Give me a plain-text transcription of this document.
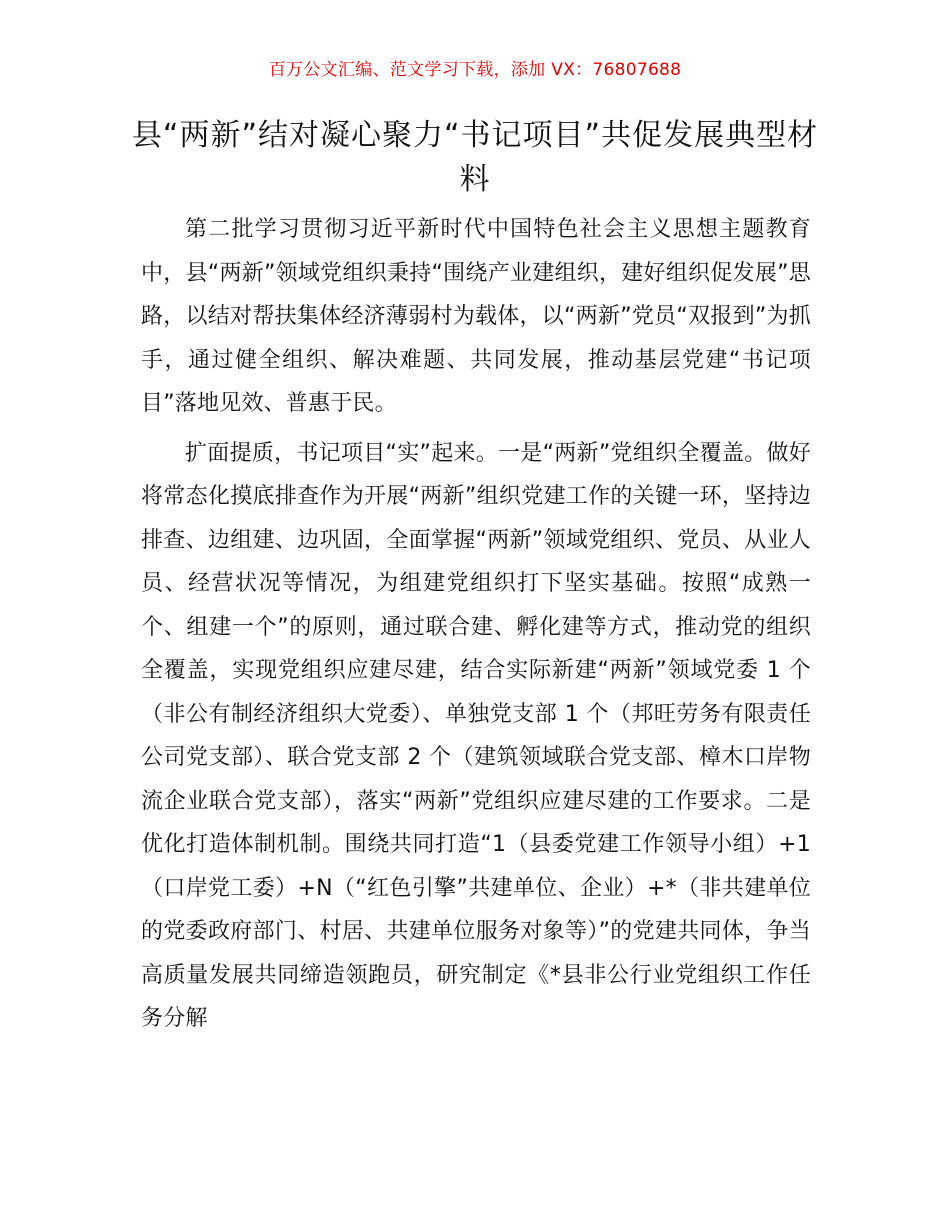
百万公文汇编、范文学习下载，添加 VX：76807688
县“两新”结对凝心聚力“书记项目”共促发展典型材料

第二批学习贯彻习近平新时代中国特色社会主义思想主题教育中，县“两新”领域党组织秉持“围绕产业建组织，建好组织促发展”思路，以结对帮扶集体经济薄弱村为载体，以“两新”党员“双报到”为抓手，通过健全组织、解决难题、共同发展，推动基层党建“书记项目”落地见效、普惠于民。

扩面提质，书记项目“实”起来。一是“两新”党组织全覆盖。做好将常态化摸底排查作为开展“两新”组织党建工作的关键一环，坚持边排查、边组建、边巩固，全面掌握“两新”领域党组织、党员、从业人员、经营状况等情况，为组建党组织打下坚实基础。按照“成熟一个、组建一个”的原则，通过联合建、孵化建等方式，推动党的组织全覆盖，实现党组织应建尽建，结合实际新建“两新”领域党委 1 个（非公有制经济组织大党委）、单独党支部 1 个（邦旺劳务有限责任公司党支部）、联合党支部 2 个（建筑领域联合党支部、樟木口岸物流企业联合党支部），落实“两新”党组织应建尽建的工作要求。二是优化打造体制机制。围绕共同打造“1（县委党建工作领导小组）+1（口岸党工委）+N（“红色引擎”共建单位、企业）+*（非共建单位的党委政府部门、村居、共建单位服务对象等）”的党建共同体，争当高质量发展共同缔造领跑员，研究制定《*县非公行业党组织工作任务分解
